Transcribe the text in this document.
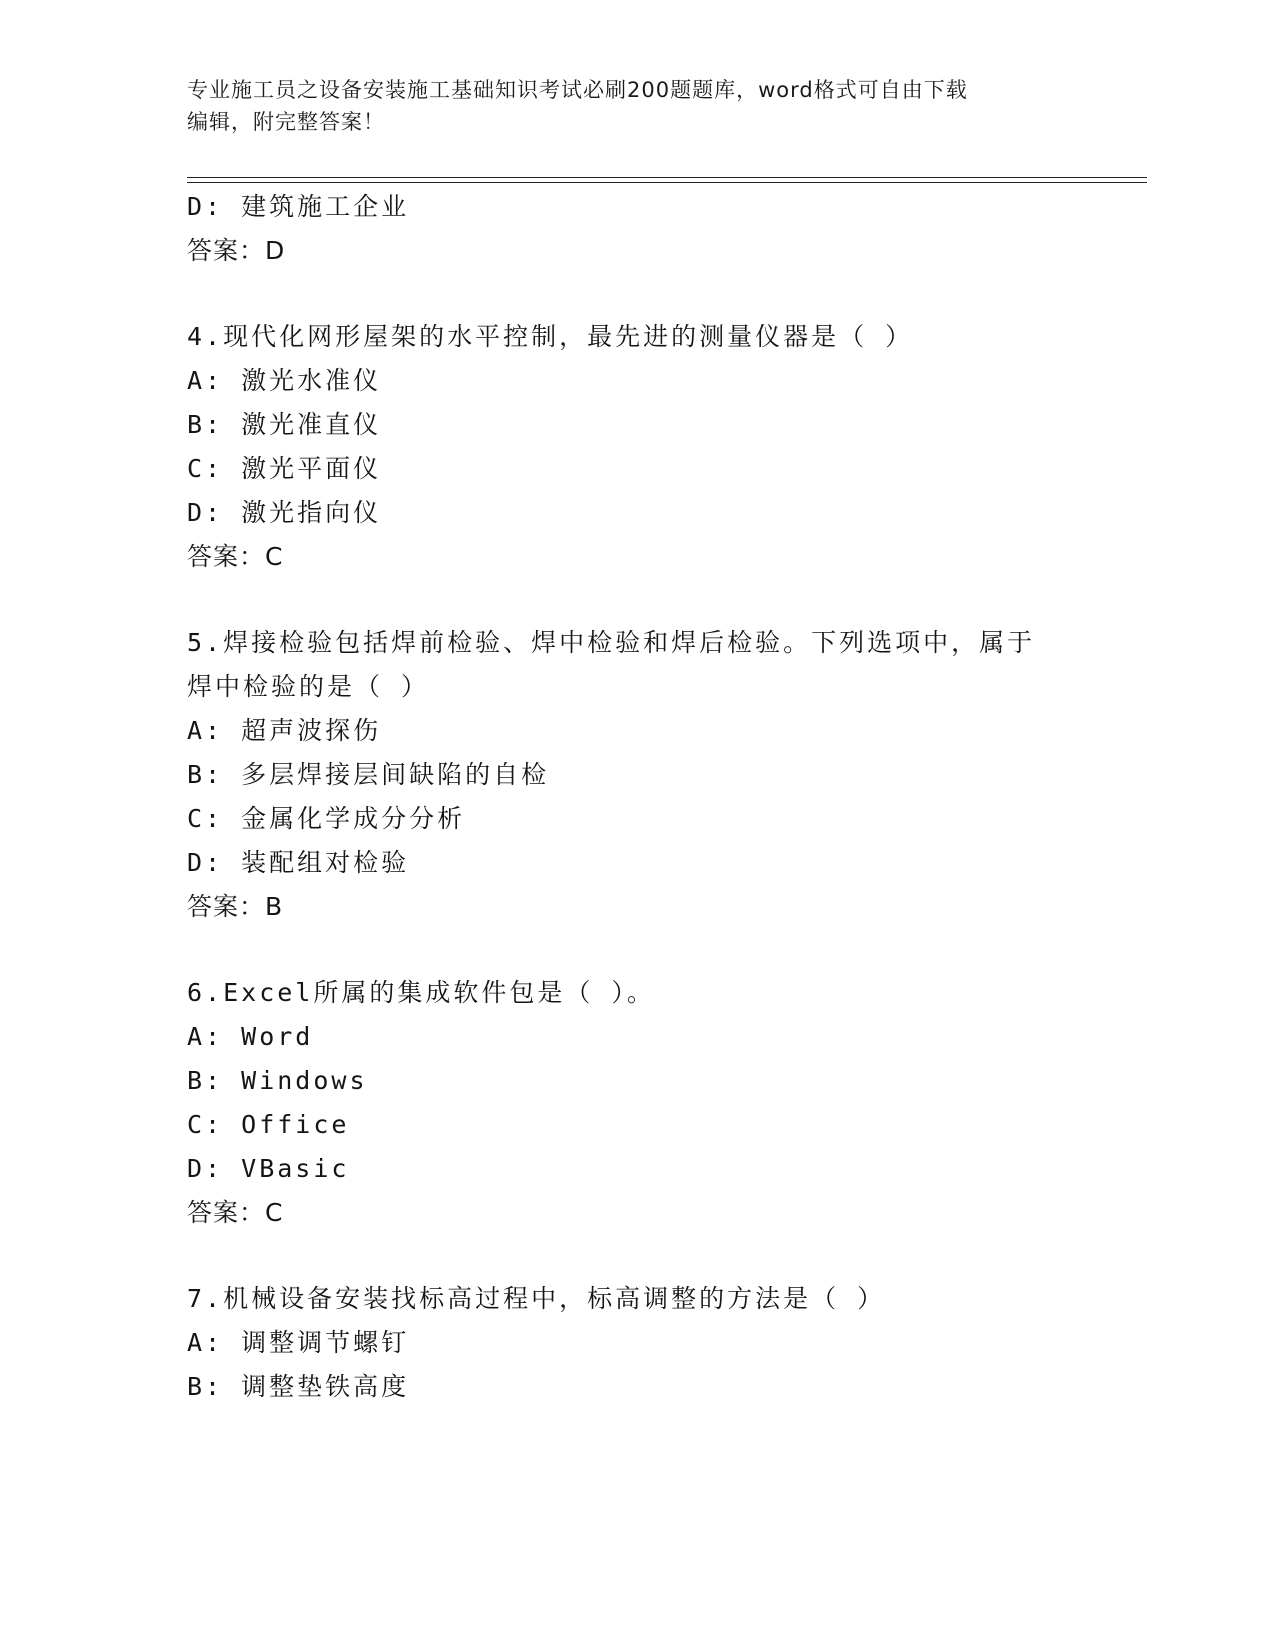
专业施工员之设备安装施工基础知识考试必刷200题题库，word格式可自由下载
编辑，附完整答案！
D: 建筑施工企业
答案：D
4.现代化网形屋架的水平控制，最先进的测量仪器是（ ）
A: 激光水准仪
B: 激光准直仪
C: 激光平面仪
D: 激光指向仪
答案：C
5.焊接检验包括焊前检验、焊中检验和焊后检验。下列选项中，属于
焊中检验的是（ ）
A: 超声波探伤
B: 多层焊接层间缺陷的自检
C: 金属化学成分分析
D: 装配组对检验
答案：B
6.Excel所属的集成软件包是（ ）。
A: Word
B: Windows
C: Office
D: VBasic
答案：C
7.机械设备安装找标高过程中，标高调整的方法是（ ）
A: 调整调节螺钉
B: 调整垫铁高度
